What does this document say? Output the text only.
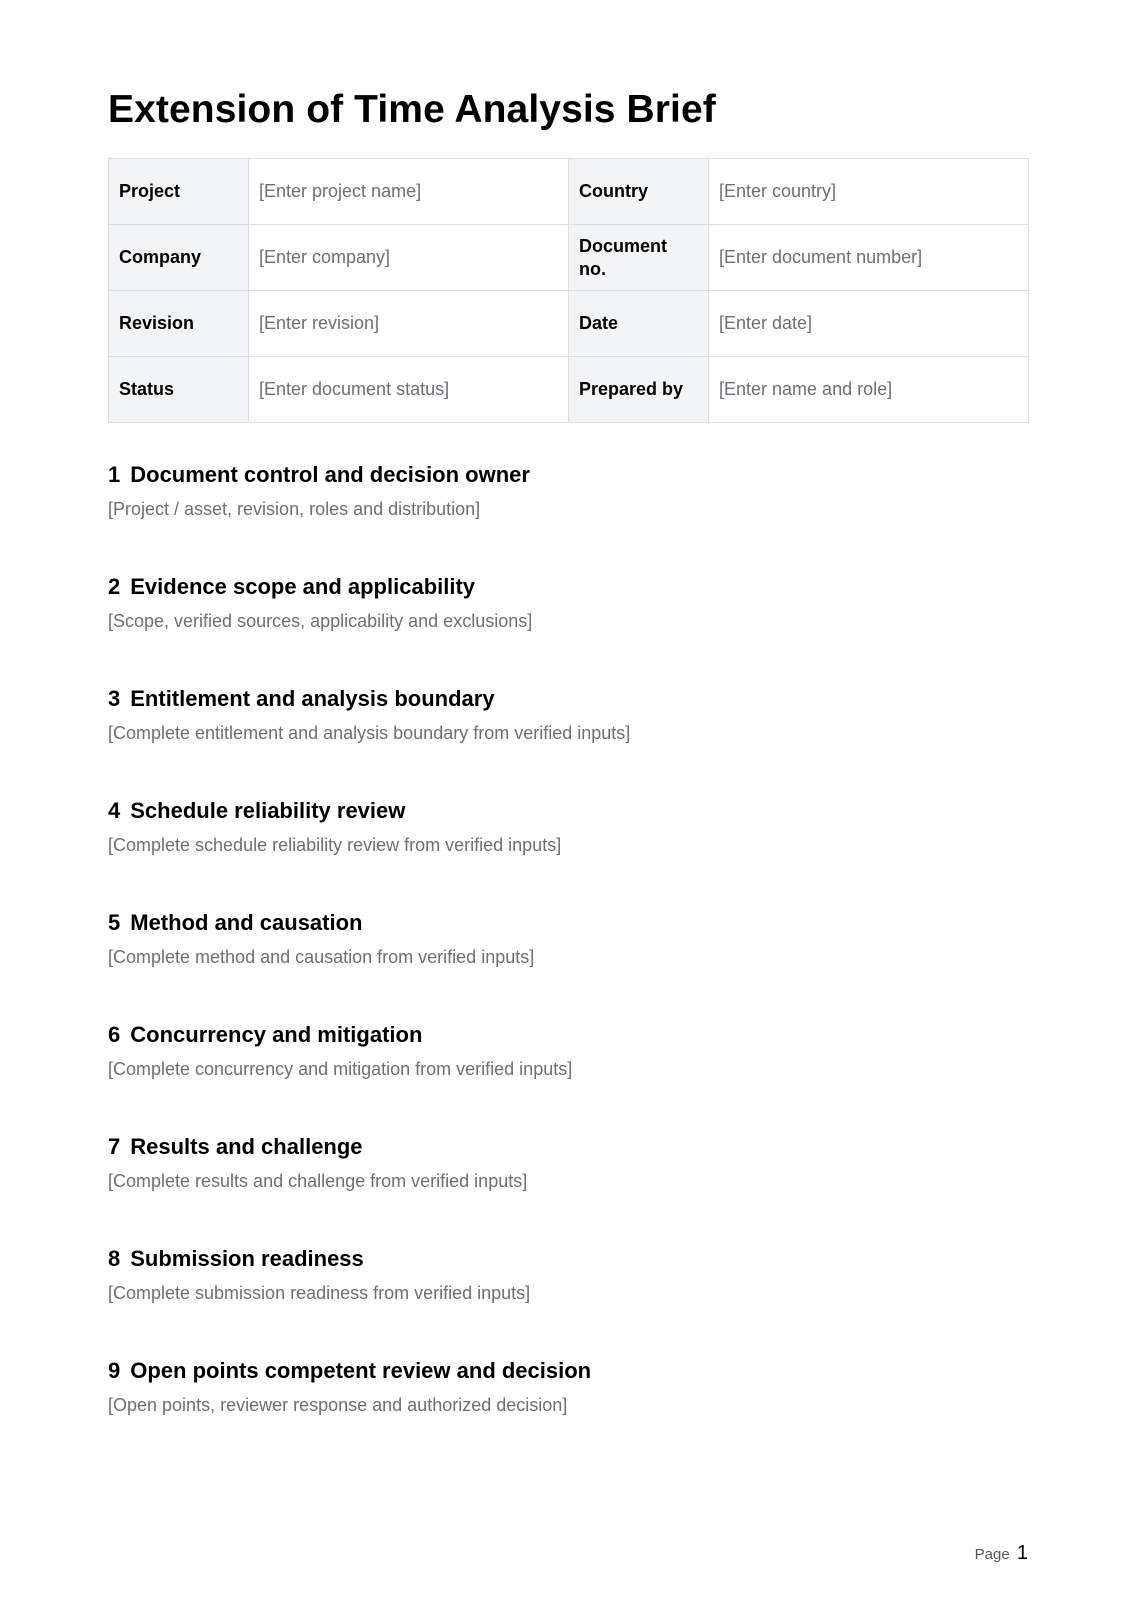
Extension of Time Analysis Brief
Project	[Enter project name]	Country	[Enter country]
Company	[Enter company]	Document no.	[Enter document number]
Revision	[Enter revision]	Date	[Enter date]
Status	[Enter document status]	Prepared by	[Enter name and role]
1 Document control and decision owner

[Project / asset, revision, roles and distribution]

2 Evidence scope and applicability

[Scope, verified sources, applicability and exclusions]

3 Entitlement and analysis boundary

[Complete entitlement and analysis boundary from verified inputs]

4 Schedule reliability review

[Complete schedule reliability review from verified inputs]

5 Method and causation

[Complete method and causation from verified inputs]

6 Concurrency and mitigation

[Complete concurrency and mitigation from verified inputs]

7 Results and challenge

[Complete results and challenge from verified inputs]

8 Submission readiness

[Complete submission readiness from verified inputs]

9 Open points competent review and decision

[Open points, reviewer response and authorized decision]

Page 1
